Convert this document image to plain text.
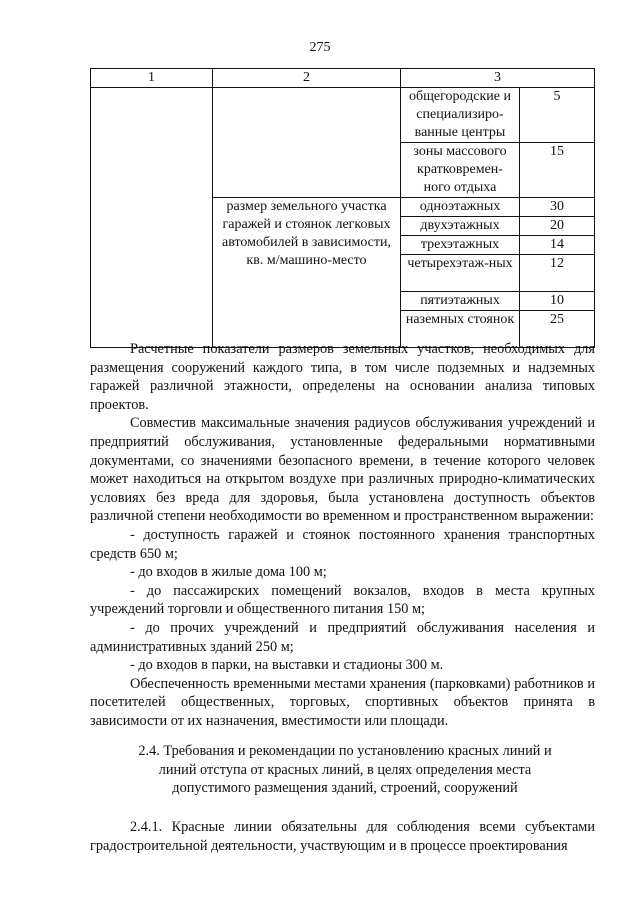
275
1	2	3	
		общегородские и специализиро-ванные центры	5
		зоны массового кратковремен-ного отдыха	15
	размер земельного участка гаражей и стоянок легковых автомобилей в зависимости, кв. м/машино-место	одноэтажных	30
		двухэтажных	20
		трехэтажных	14
		четырехэтаж-ных	12
		пятиэтажных	10
		наземных стоянок	25

Расчетные показатели размеров земельных участков, необходимых для размещения сооружений каждого типа, в том числе подземных и надземных гаражей различной этажности, определены на основании анализа типовых проектов.

Совместив максимальные значения радиусов обслуживания учреждений и предприятий обслуживания, установленные федеральными нормативными документами, со значениями безопасного времени, в течение которого человек может находиться на открытом воздухе при различных природно-климатических условиях без вреда для здоровья, была установлена доступность объектов различной степени необходимости во временном и пространственном выражении:

- доступность гаражей и стоянок постоянного хранения транспортных средств 650 м;

- до входов в жилые дома 100 м;

- до пассажирских помещений вокзалов, входов в места крупных учреждений торговли и общественного питания 150 м;

- до прочих учреждений и предприятий обслуживания населения и административных зданий 250 м;

- до входов в парки, на выставки и стадионы 300 м.

Обеспеченность временными местами хранения (парковками) работников и посетителей общественных, торговых, спортивных объектов принята в зависимости от их назначения, вместимости или площади.

2.4. Требования и рекомендации по установлению красных линий и линий отступа от красных линий, в целях определения места допустимого размещения зданий, строений, сооружений

2.4.1. Красные линии обязательны для соблюдения всеми субъектами градостроительной деятельности, участвующим и в процессе проектирования
